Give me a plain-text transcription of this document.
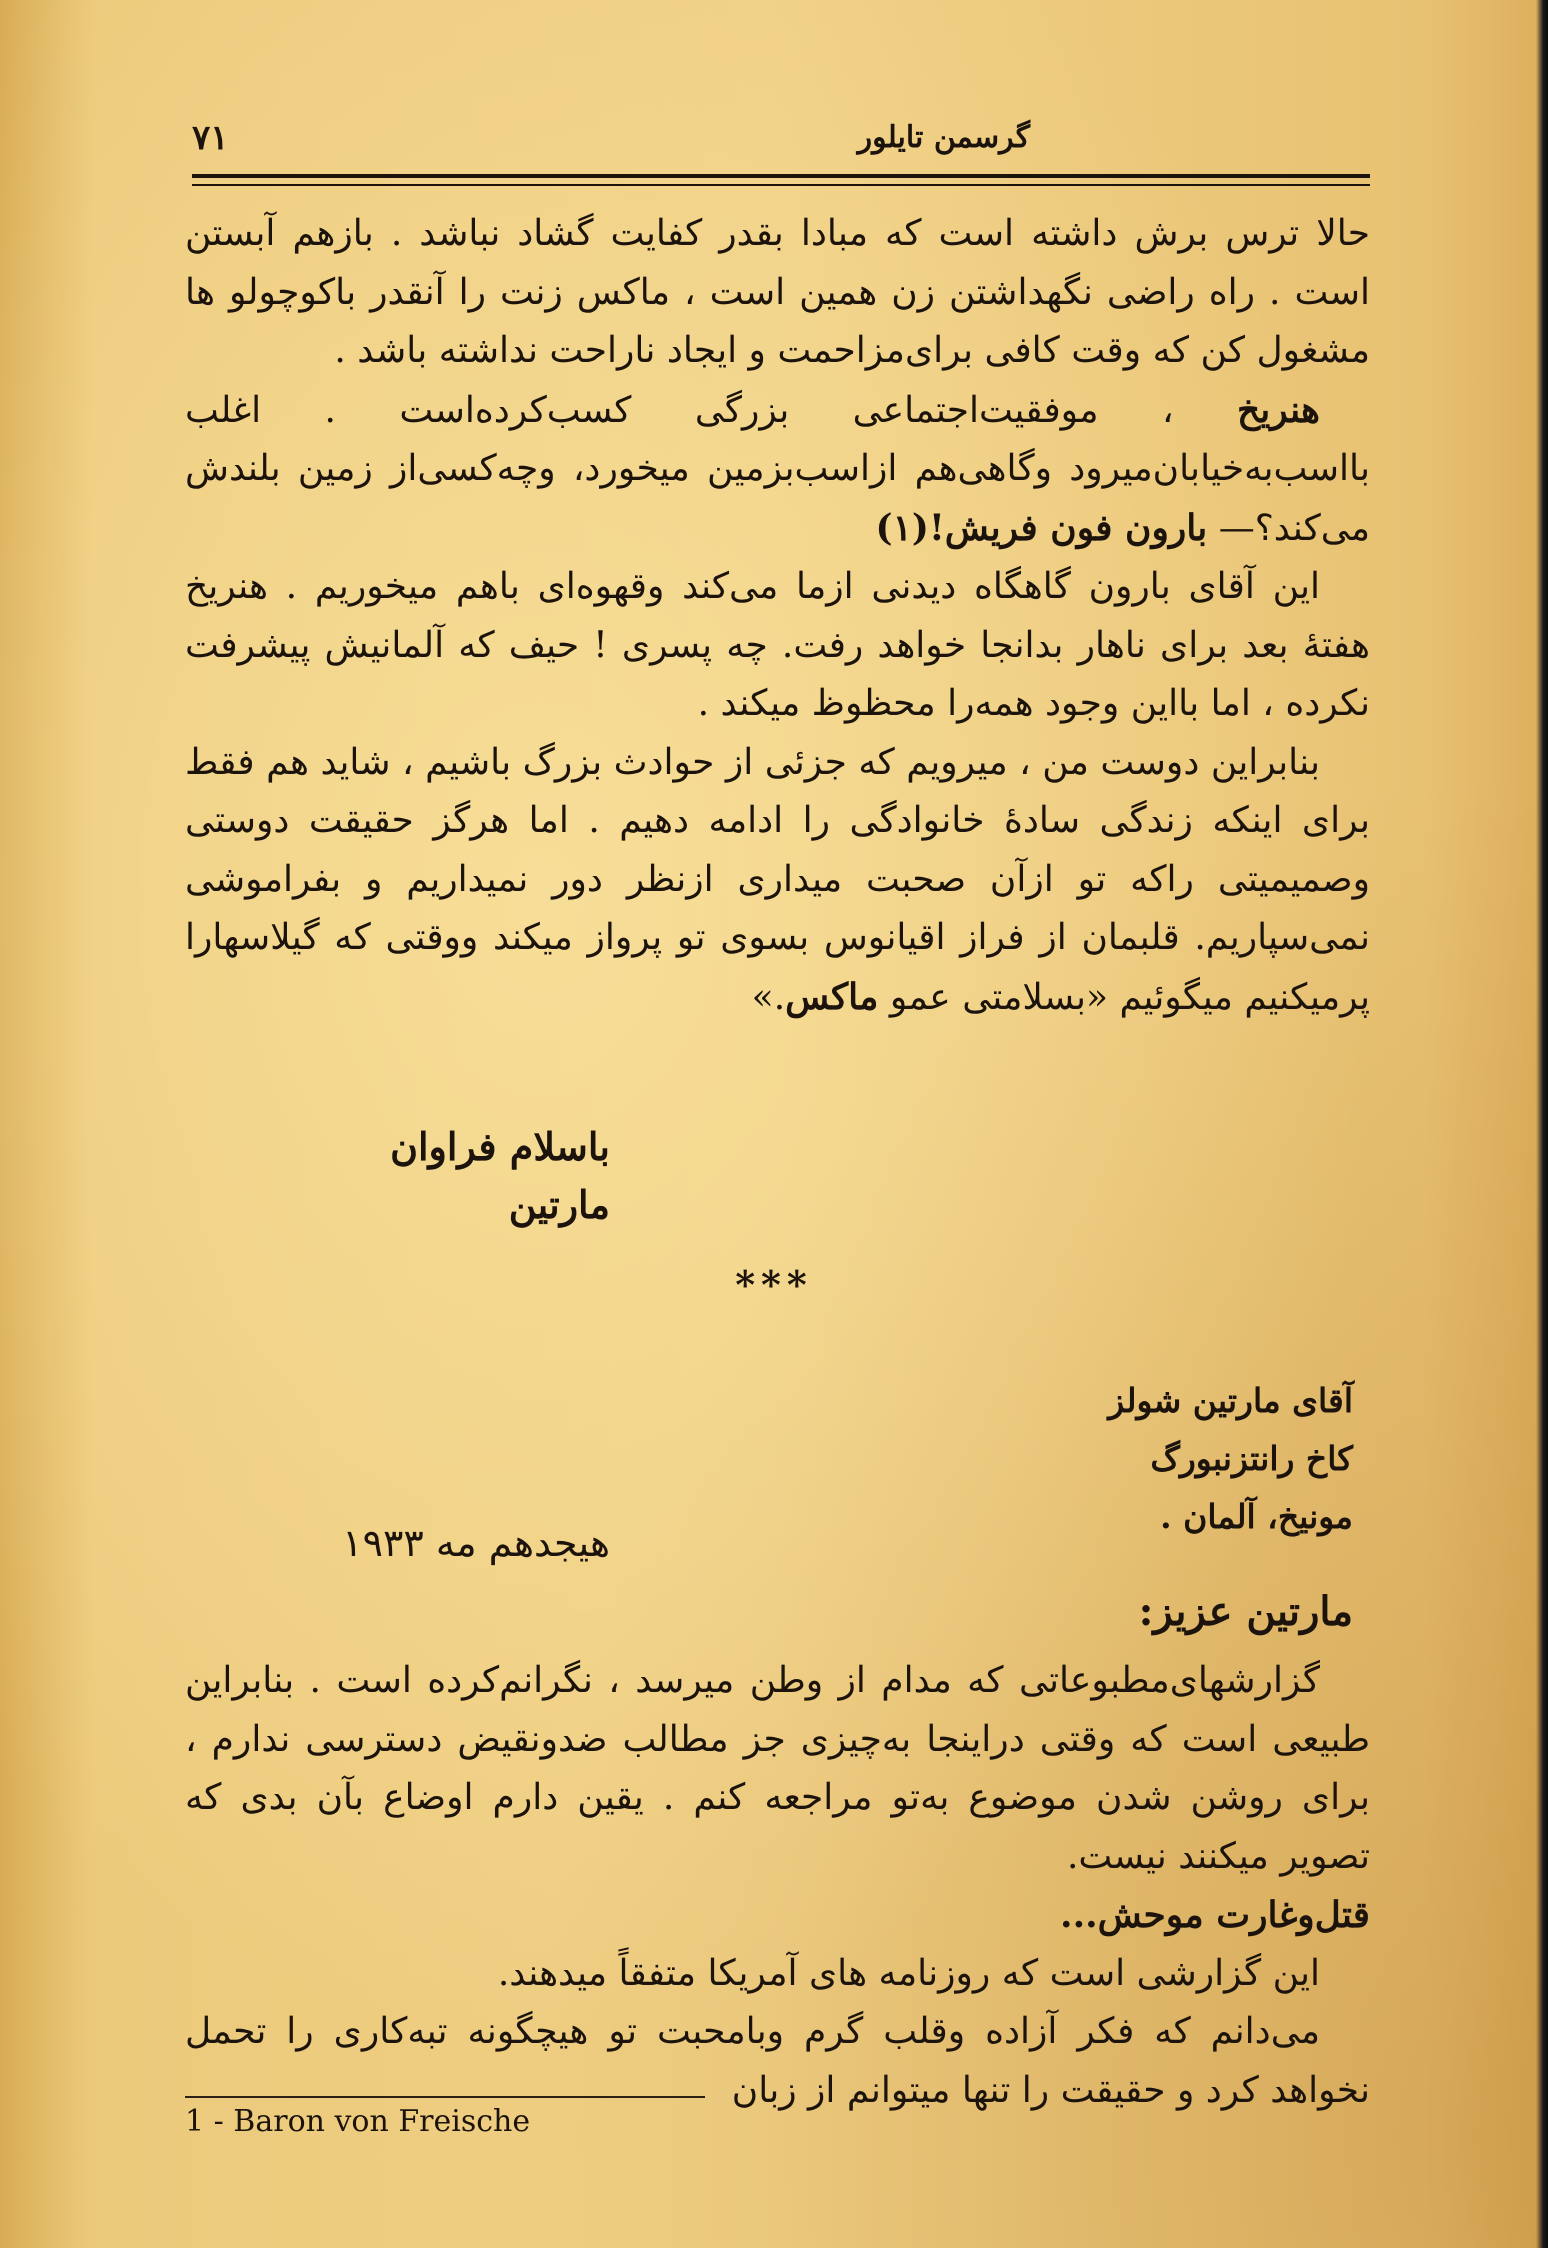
۷۱	گرسمن تایلور

حالا ترس برش داشته است که مبادا بقدر کفایت گشاد نباشد . بازهم آبستن است . راه راضی نگهداشتن زن همین است ، ماکس زنت را آنقدر باکوچولو ها مشغول کن که وقت کافی برای‌مزاحمت و ایجاد ناراحت نداشته باشد .

هنریخ ، موفقیت‌اجتماعی بزرگی کسب‌کرده‌است . اغلب بااسب‌به‌خیابان‌میرود وگاهی‌هم ازاسب‌بزمین میخورد، وچه‌کسی‌از زمین بلندش می‌کند؟— بارون فون فریش!(۱)

این آقای بارون گاهگاه دیدنی ازما می‌کند وقهوه‌ای باهم میخوریم . هنریخ هفتهٔ بعد برای ناهار بدانجا خواهد رفت. چه پسری ! حیف که آلمانیش پیشرفت نکرده ، اما بااین وجود همه‌را محظوظ میکند .

بنابراین دوست من ، میرویم که جزئی از حوادث بزرگ باشیم ، شاید هم فقط برای اینکه زندگی سادهٔ خانوادگی را ادامه دهیم . اما هرگز حقیقت دوستی وصمیمیتی راکه تو ازآن صحبت میداری ازنظر دور نمیداریم و بفراموشی نمی‌سپاریم. قلبمان از فراز اقیانوس بسوی تو پرواز میکند ووقتی که گیلاسهارا پرمیکنیم میگوئیم «بسلامتی عمو ماکس.»

باسلام فراوان
مارتین
***
آقای مارتین شولز
کاخ رانتزنبورگ
مونیخ، آلمان .
هیجدهم مه ۱۹۳۳
مارتین عزیز:

گزارشهای‌مطبوعاتی که مدام از وطن میرسد ، نگرانم‌کرده است . بنابراین طبیعی است که وقتی دراینجا به‌چیزی جز مطالب ضدونقیض دسترسی ندارم ، برای روشن شدن موضوع به‌تو مراجعه کنم . یقین دارم اوضاع بآن بدی که تصویر میکنند نیست.

قتل‌وغارت موحش...

این گزارشی است که روزنامه های آمریکا متفقاً میدهند.

می‌دانم که فکر آزاده وقلب گرم وبامحبت تو هیچگونه تبه‌کاری را تحمل نخواهد کرد و حقیقت را تنها میتوانم از زبان

1 - Baron von Freische
